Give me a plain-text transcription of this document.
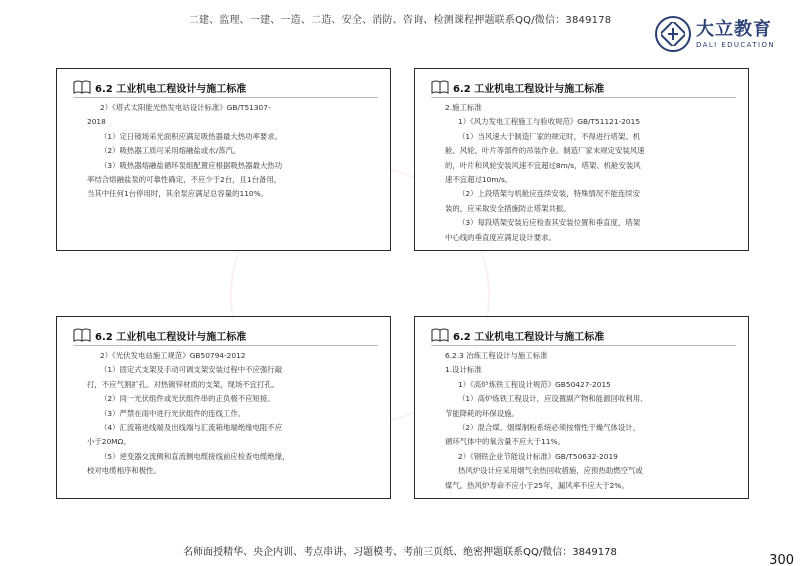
二建、监理、一建、一造、二造、安全、消防、咨询、检测课程押题联系QQ/微信：3849178	大立教育
DALI EDUCATION
6.2 工业机电工程设计与施工标准

2）《塔式太阳能光热发电站设计标准》GB/T51307-

2018

（1）定日镜场采光面积应满足吸热器最大热功率要求。

（2）吸热器工质可采用熔融盐或水/蒸汽。

（3）吸热器熔融盐循环泵组配置应根据吸热器最大热功

率结合熔融盐泵的可靠性确定，不应少于2台，且1台备用，

当其中任何1台停用时，其余泵应满足总容量的110%。

6.2 工业机电工程设计与施工标准

2.施工标准

1）《风力发电工程施工与验收规范》GB/T51121-2015

（1）当风速大于制造厂家的规定时，不得进行塔架、机

舱、风轮、叶片等部件的吊装作业。制造厂家未规定安装风速

的，叶片和风轮安装风速不宜超过8m/s，塔架、机舱安装风

速不宜超过10m/s。

（2）上段塔架与机舱应连续安装，特殊情况不能连续安

装的，应采取安全措施防止塔架共振。

（3）每段塔架安装后应检查其安装位置和垂直度，塔架

中心线的垂直度应满足设计要求。

6.2 工业机电工程设计与施工标准

2）《光伏发电站施工规范》GB50794-2012

（1）固定式支架及手动可调支架安装过程中不应强行敲

打，不应气割扩孔。对热镀锌材质的支架，现场不宜打孔。

（2）同一光伏组件或光伏组件串的正负极不应短接。

（3）严禁在雨中进行光伏组件的连线工作。

（4）汇流箱进线端及出线端与汇流箱地端绝缘电阻不应

小于20MΩ。

（5）逆变器交流侧和直流侧电缆接线前应检查电缆绝缘，

校对电缆相序和极性。

6.2 工业机电工程设计与施工标准

6.2.3 冶炼工程设计与施工标准

1.设计标准

1）《高炉炼铁工程设计规范》GB50427-2015

（1）高炉炼铁工程设计，应设置副产物和能源回收利用、

节能降耗的环保设施。

（2）混合煤、烟煤制粉系统必须按惰性干燥气体设计，

循环气体中的氧含量不应大于11%。

2）《钢铁企业节能设计标准》GB/T50632-2019

热风炉设计应采用烟气余热回收措施，应预热助燃空气或

煤气。热风炉寿命不应小于25年，漏风率不应大于2%。

名师面授精华、央企内训、考点串讲、习题模考、考前三页纸、绝密押题联系QQ/微信：3849178
300
